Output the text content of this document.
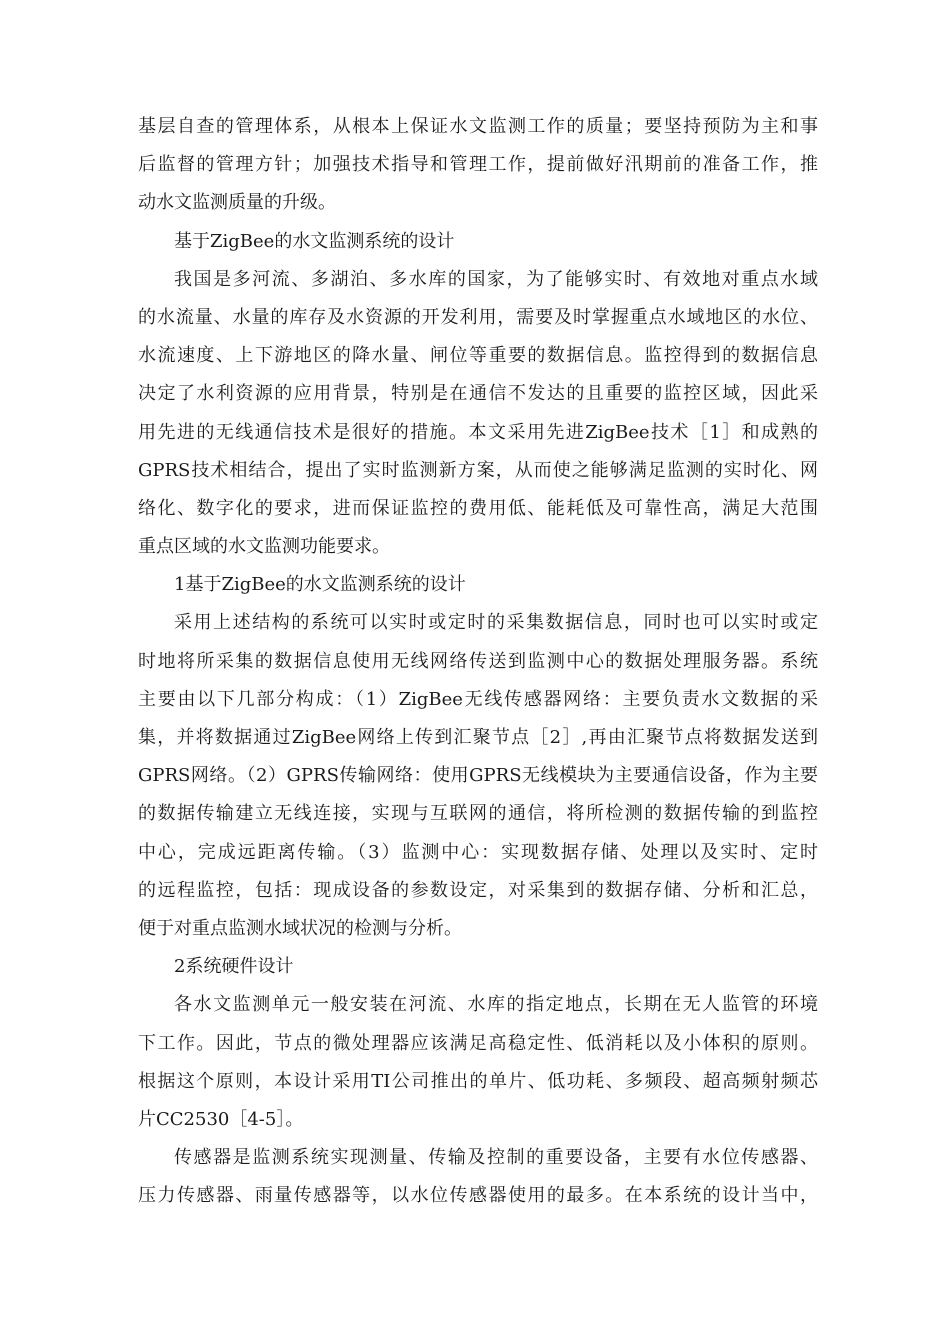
基层自查的管理体系，从根本上保证水文监测工作的质量；要坚持预防为主和事
后监督的管理方针；加强技术指导和管理工作，提前做好汛期前的准备工作，推
动水文监测质量的升级。
基于ZigBee的水文监测系统的设计
我国是多河流、多湖泊、多水库的国家，为了能够实时、有效地对重点水域
的水流量、水量的库存及水资源的开发利用，需要及时掌握重点水域地区的水位、
水流速度、上下游地区的降水量、闸位等重要的数据信息。监控得到的数据信息
决定了水利资源的应用背景，特别是在通信不发达的且重要的监控区域，因此采
用先进的无线通信技术是很好的措施。本文采用先进ZigBee技术［1］和成熟的
GPRS技术相结合，提出了实时监测新方案，从而使之能够满足监测的实时化、网
络化、数字化的要求，进而保证监控的费用低、能耗低及可靠性高，满足大范围
重点区域的水文监测功能要求。
1基于ZigBee的水文监测系统的设计
采用上述结构的系统可以实时或定时的采集数据信息，同时也可以实时或定
时地将所采集的数据信息使用无线网络传送到监测中心的数据处理服务器。系统
主要由以下几部分构成：（1）ZigBee无线传感器网络：主要负责水文数据的采
集，并将数据通过ZigBee网络上传到汇聚节点［2］,再由汇聚节点将数据发送到
GPRS网络。（2）GPRS传输网络：使用GPRS无线模块为主要通信设备，作为主要
的数据传输建立无线连接，实现与互联网的通信，将所检测的数据传输的到监控
中心，完成远距离传输。（3）监测中心：实现数据存储、处理以及实时、定时
的远程监控，包括：现成设备的参数设定，对采集到的数据存储、分析和汇总，
便于对重点监测水域状况的检测与分析。
2系统硬件设计
各水文监测单元一般安装在河流、水库的指定地点，长期在无人监管的环境
下工作。因此，节点的微处理器应该满足高稳定性、低消耗以及小体积的原则。
根据这个原则，本设计采用TI公司推出的单片、低功耗、多频段、超高频射频芯
片CC2530［4-5］。
传感器是监测系统实现测量、传输及控制的重要设备，主要有水位传感器、
压力传感器、雨量传感器等，以水位传感器使用的最多。在本系统的设计当中，
